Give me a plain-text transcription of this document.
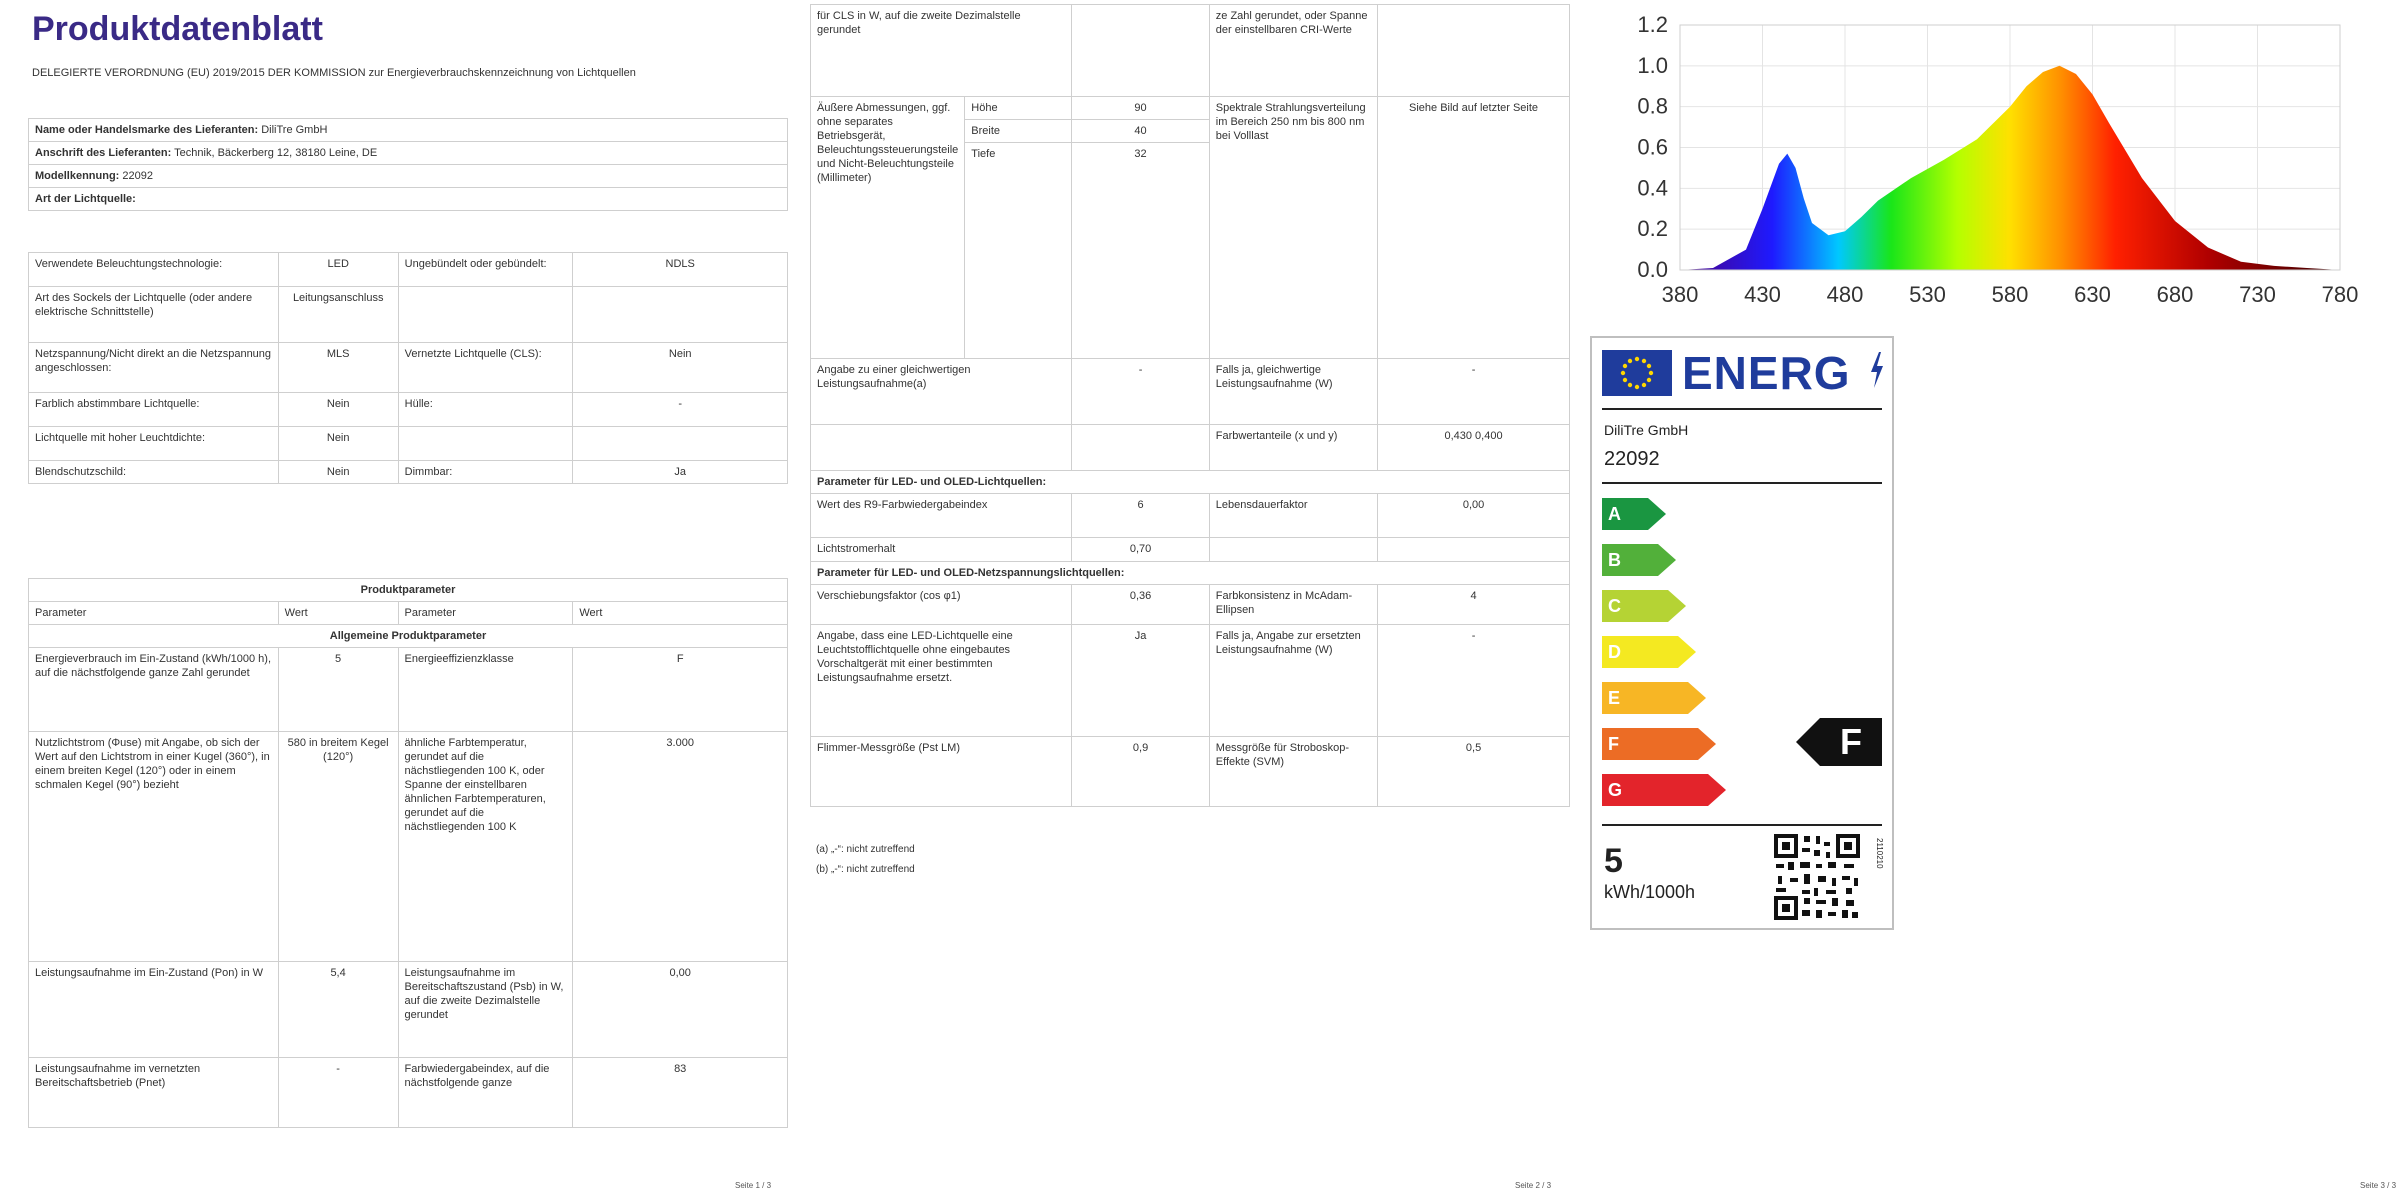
Produktdatenblatt
DELEGIERTE VERORDNUNG (EU) 2019/2015 DER KOMMISSION zur Energieverbrauchskennzeichnung von Lichtquellen
Name oder Handelsmarke des Lieferanten: DiliTre GmbH
Anschrift des Lieferanten: Technik, Bäckerberg 12, 38180 Leine, DE
Modellkennung: 22092
Art der Lichtquelle:
Verwendete Beleuchtungstechnologie:	LED	Ungebündelt oder gebündelt:	NDLS
Art des Sockels der Lichtquelle (oder andere elektrische Schnittstelle)	Leitungsanschluss		
Netzspannung/Nicht direkt an die Netzspannung angeschlossen:	MLS	Vernetzte Lichtquelle (CLS):	Nein
Farblich abstimmbare Lichtquelle:	Nein	Hülle:	-
Lichtquelle mit hoher Leuchtdichte:	Nein		
Blendschutzschild:	Nein	Dimmbar:	Ja
Produktparameter			
Parameter	Wert	Parameter	Wert
Allgemeine Produktparameter			
Energieverbrauch im Ein-Zustand (kWh/1000 h), auf die nächstfolgende ganze Zahl gerundet	5	Energieeffizienzklasse	F
Nutzlichtstrom (Φuse) mit Angabe, ob sich der Wert auf den Lichtstrom in einer Kugel (360°), in einem breiten Kegel (120°) oder in einem schmalen Kegel (90°) bezieht	580 in breitem Kegel (120°)	ähnliche Farbtemperatur, gerundet auf die nächstliegenden 100 K, oder Spanne der einstellbaren ähnlichen Farbtemperaturen, gerundet auf die nächstliegenden 100 K	3.000
Leistungsaufnahme im Ein-Zustand (Pon) in W	5,4	Leistungsaufnahme im Bereitschaftszustand (Psb) in W, auf die zweite Dezimalstelle gerundet	0,00
Leistungsaufnahme im vernetzten Bereitschaftsbetrieb (Pnet)	-	Farbwiedergabeindex, auf die nächstfolgende ganze	83
Seite 1 / 3
für CLS in W, auf die zweite Dezimalstelle gerundet			ze Zahl gerundet, oder Spanne der einstellbaren CRI-Werte	
Äußere Abmessungen, ggf. ohne separates Betriebsgerät, Beleuchtungssteuerungsteile und Nicht-Beleuchtungsteile (Millimeter)	Höhe	90	Spektrale Strahlungsverteilung im Bereich 250 nm bis 800 nm bei Volllast	Siehe Bild auf letzter Seite
	Breite	40		
	Tiefe	32		
Angabe zu einer gleichwertigen Leistungsaufnahme(a)		-	Falls ja, gleichwertige Leistungsaufnahme (W)	-
			Farbwertanteile (x und y)	0,430 0,400
Parameter für LED- und OLED-Lichtquellen:				
Wert des R9-Farbwiedergabeindex		6	Lebensdauerfaktor	0,00
Lichtstromerhalt		0,70		
Parameter für LED- und OLED-Netzspannungslichtquellen:				
Verschiebungsfaktor (cos φ1)		0,36	Farbkonsistenz in McAdam-Ellipsen	4
Angabe, dass eine LED-Lichtquelle eine Leuchtstofflichtquelle ohne eingebautes Vorschaltgerät mit einer bestimmten Leistungsaufnahme ersetzt.		Ja	Falls ja, Angabe zur ersetzten Leistungsaufnahme (W)	-
Flimmer-Messgröße (Pst LM)		0,9	Messgröße für Stroboskop-Effekte (SVM)	0,5
(a) „-“: nicht zutreffend
(b) „-“: nicht zutreffend
Seite 2 / 3
0.0
0.2
0.4
0.6
0.8
1.0
1.2
380 430 480 530 580 630 680 730 780
ENERG
DiliTre GmbH
22092
A
B
C
D
E
F
G
F
5
kWh/1000h
2110210
Seite 3 / 3
